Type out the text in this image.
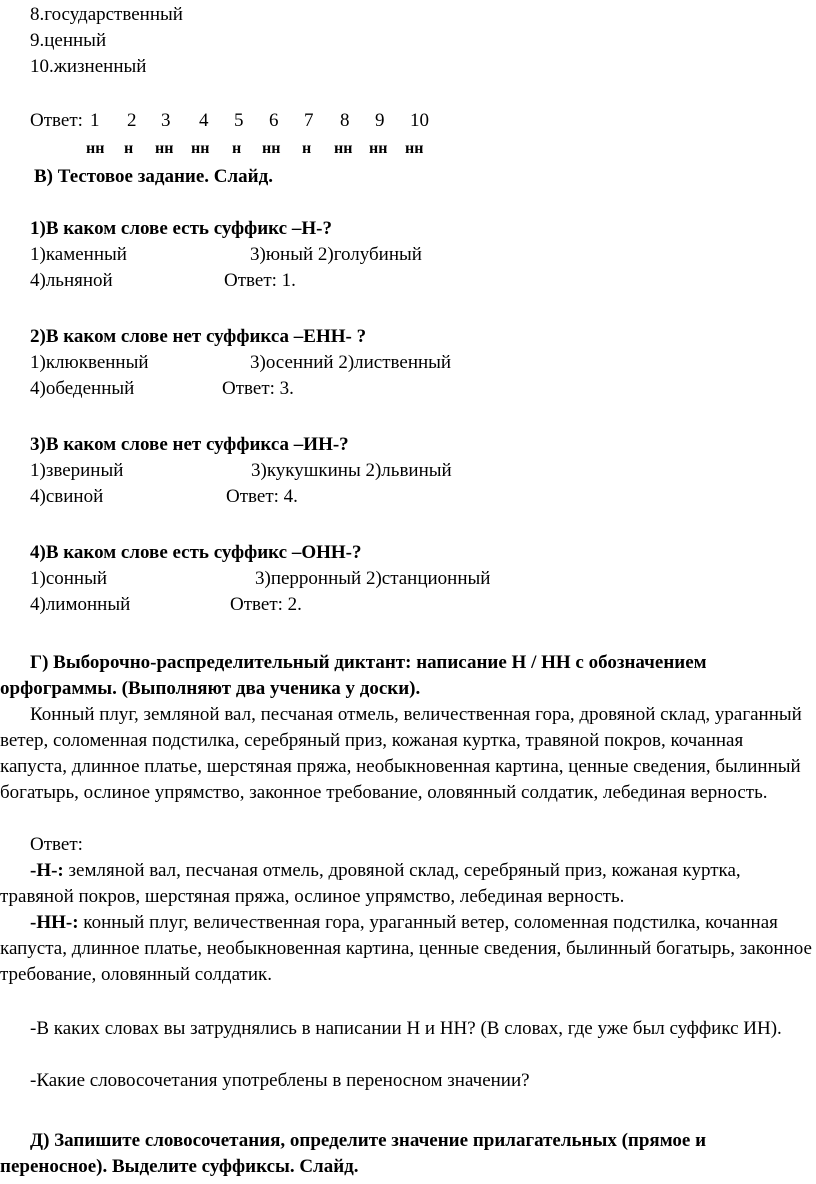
8.государственный
9.ценный
10.жизненный
Ответ: 1 2 3 4 5 6 7 8 9 10
нн н нн нн н нн н нн нн нн
В) Тестовое задание. Слайд.
1)В каком слове есть суффикс –Н-?
1)каменный	3)юный 2)голубиный
4)льняной	Ответ: 1.
2)В каком слове нет суффикса –ЕНН- ?
1)клюквенный	3)осенний 2)лиственный
4)обеденный	Ответ: 3.
3)В каком слове нет суффикса –ИН-?
1)звериный	3)кукушкины 2)львиный
4)свиной	Ответ: 4.
4)В каком слове есть суффикс –ОНН-?
1)сонный	3)перронный 2)станционный
4)лимонный	Ответ: 2.
Г) Выборочно-распределительный диктант: написание Н / НН с обозначением орфограммы. (Выполняют два ученика у доски).
Конный плуг, земляной вал, песчаная отмель, величественная гора, дровяной склад, ураганный ветер, соломенная подстилка, серебряный приз, кожаная куртка, травяной покров, кочанная капуста, длинное платье, шерстяная пряжа, необыкновенная картина, ценные сведения, былинный богатырь, ослиное упрямство, законное требование, оловянный солдатик, лебединая верность.
Ответ:
-Н-: земляной вал, песчаная отмель, дровяной склад, серебряный приз, кожаная куртка, травяной покров, шерстяная пряжа, ослиное упрямство, лебединая верность.
-НН-: конный плуг, величественная гора, ураганный ветер, соломенная подстилка, кочанная капуста, длинное платье, необыкновенная картина, ценные сведения, былинный богатырь, законное требование, оловянный солдатик.
-В каких словах вы затруднялись в написании Н и НН? (В словах, где уже был суффикс ИН).
-Какие словосочетания употреблены в переносном значении?
Д) Запишите словосочетания, определите значение прилагательных (прямое и переносное). Выделите суффиксы. Слайд.
